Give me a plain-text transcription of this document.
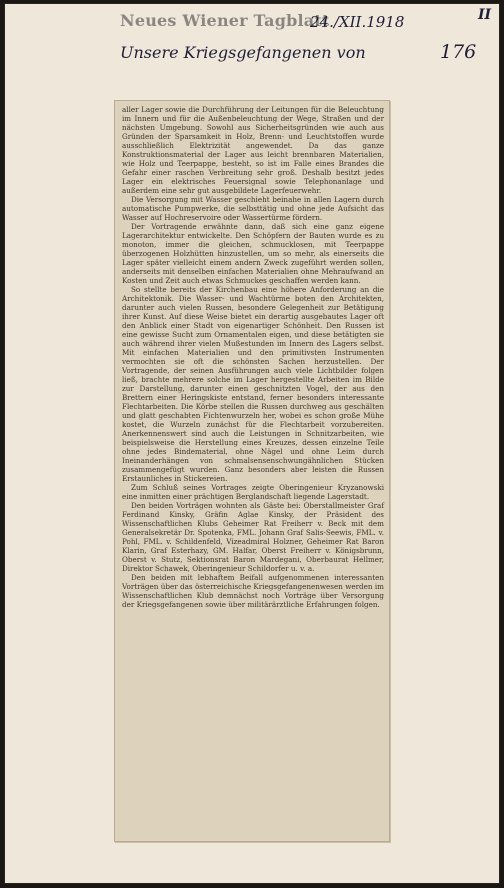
Neues Wiener Tagblatt
24./XII.1918	II
Unsere Kriegsgefangenen von	176

aller Lager sowie die Durchführung der Leitungen für die Beleuchtung im Innern und für die Außenbeleuchtung der Wege, Straßen und der nächsten Umgebung. Sowohl aus Sicherheitsgründen wie auch aus Gründen der Sparsamkeit in Holz, Brenn- und Leuchtstoffen wurde ausschließlich Elektrizität angewendet. Da das ganze Konstruktionsmaterial der Lager aus leicht brennbaren Materialien, wie Holz und Teerpappe, besteht, so ist im Falle eines Brandes die Gefahr einer raschen Verbreitung sehr groß. Deshalb besitzt jedes Lager ein elektrisches Feuersignal sowie Telephonanlage und außerdem eine sehr gut ausgebildete Lagerfeuerwehr.

Die Versorgung mit Wasser geschieht beinahe in allen Lagern durch automatische Pumpwerke, die selbsttätig und ohne jede Aufsicht das Wasser auf Hochreservoire oder Wassertürme fördern.

Der Vortragende erwähnte dann, daß sich eine ganz eigene Lagerarchitektur entwickelte. Den Schöpfern der Bauten wurde es zu monoton, immer die gleichen, schmucklosen, mit Teerpappe überzogenen Holzhütten hinzustellen, um so mehr, als einerseits die Lager später vielleicht einem andern Zweck zugeführt werden sollen, anderseits mit denselben einfachen Materialien ohne Mehraufwand an Kosten und Zeit auch etwas Schmuckes geschaffen werden kann.

So stellte bereits der Kirchenbau eine höhere Anforderung an die Architektonik. Die Wasser- und Wachtürme boten den Architekten, darunter auch vielen Russen, besondere Gelegenheit zur Betätigung ihrer Kunst. Auf diese Weise bietet ein derartig ausgebautes Lager oft den Anblick einer Stadt von eigenartiger Schönheit. Den Russen ist eine gewisse Sucht zum Ornamentalen eigen, und diese betätigten sie auch während ihrer vielen Mußestunden im Innern des Lagers selbst. Mit einfachen Materialien und den primitivsten Instrumenten vermochten sie oft die schönsten Sachen herzustellen. Der Vortragende, der seinen Ausführungen auch viele Lichtbilder folgen ließ, brachte mehrere solche im Lager hergestellte Arbeiten im Bilde zur Darstellung, darunter einen geschnitzten Vogel, der aus den Brettern einer Heringskiste entstand, ferner besonders interessante Flechtarbeiten. Die Körbe stellen die Russen durchweg aus geschälten und glatt geschabten Fichtenwurzeln her, wobei es schon große Mühe kostet, die Wurzeln zunächst für die Flechtarbeit vorzubereiten. Anerkennenswert sind auch die Leistungen in Schnitzarbeiten, wie beispielsweise die Herstellung eines Kreuzes, dessen einzelne Teile ohne jedes Bindematerial, ohne Nägel und ohne Leim durch Ineinanderhängen von schmalsensenschwungähnlichen Stücken zusammengefügt wurden. Ganz besonders aber leisten die Russen Erstaunliches in Stickereien.

Zum Schluß seines Vortrages zeigte Oberingenieur Kryzanowski eine inmitten einer prächtigen Berglandschaft liegende Lagerstadt.

Den beiden Vorträgen wohnten als Gäste bei: Oberstallmeister Graf Ferdinand Kinsky, Gräfin Aglae Kinsky, der Präsident des Wissenschaftlichen Klubs Geheimer Rat Freiherr v. Beck mit dem Generalsekretär Dr. Spotenka, FML. Johann Graf Salis-Seewis, FML. v. Pohl, FML. v. Schildenfeld, Vizeadmiral Holzner, Geheimer Rat Baron Klarin, Graf Esterhazy, GM. Halfar, Oberst Freiherr v. Königsbrunn, Oberst v. Stutz, Sektionsrat Baron Mardegani, Oberbaurat Hellmer, Direktor Schawek, Oberingenieur Schildorfer u. v. a.

Den beiden mit lebhaftem Beifall aufgenommenen interessanten Vorträgen über das österreichische Kriegsgefangenenwesen werden im Wissenschaftlichen Klub demnächst noch Vorträge über Versorgung der Kriegsgefangenen sowie über militärärztliche Erfahrungen folgen.
